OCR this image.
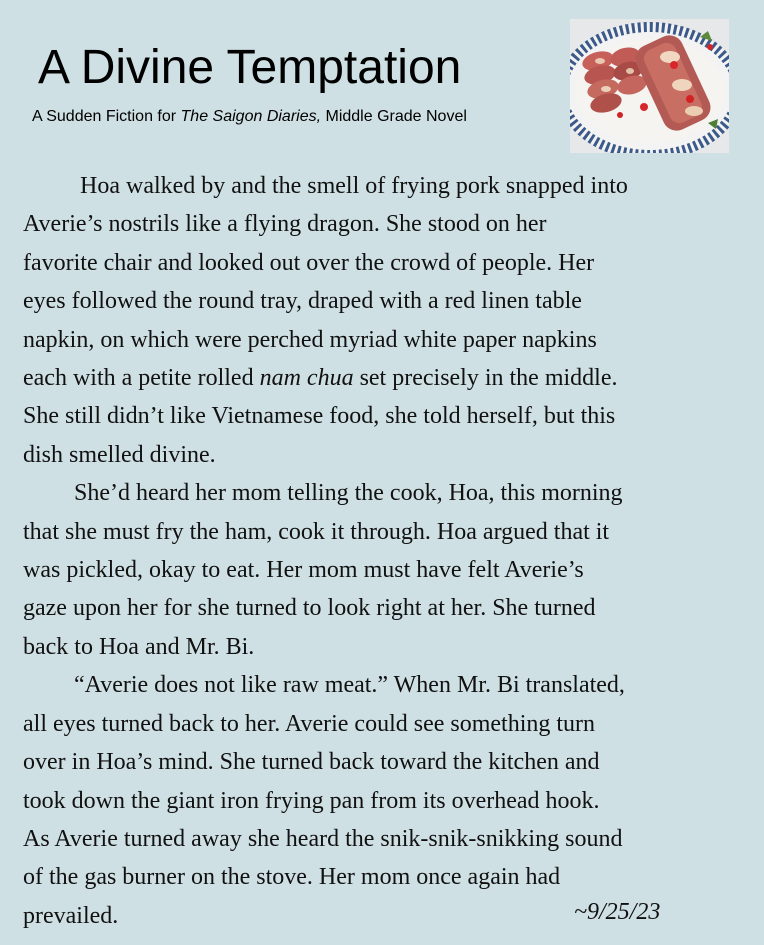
A Divine Temptation
A Sudden Fiction for The Saigon Diaries, Middle Grade Novel

Hoa walked by and the smell of frying pork snapped into
Averie’s nostrils like a flying dragon. She stood on her
favorite chair and looked out over the crowd of people. Her
eyes followed the round tray, draped with a red linen table
napkin, on which were perched myriad white paper napkins
each with a petite rolled nam chua set precisely in the middle.
She still didn’t like Vietnamese food, she told herself, but this
dish smelled divine.

She’d heard her mom telling the cook, Hoa, this morning
that she must fry the ham, cook it through. Hoa argued that it
was pickled, okay to eat. Her mom must have felt Averie’s
gaze upon her for she turned to look right at her. She turned
back to Hoa and Mr. Bi.

“Averie does not like raw meat.” When Mr. Bi translated,
all eyes turned back to her. Averie could see something turn
over in Hoa’s mind. She turned back toward the kitchen and
took down the giant iron frying pan from its overhead hook.
As Averie turned away she heard the snik-snik-snikking sound
of the gas burner on the stove. Her mom once again had
prevailed.	~9/25/23
